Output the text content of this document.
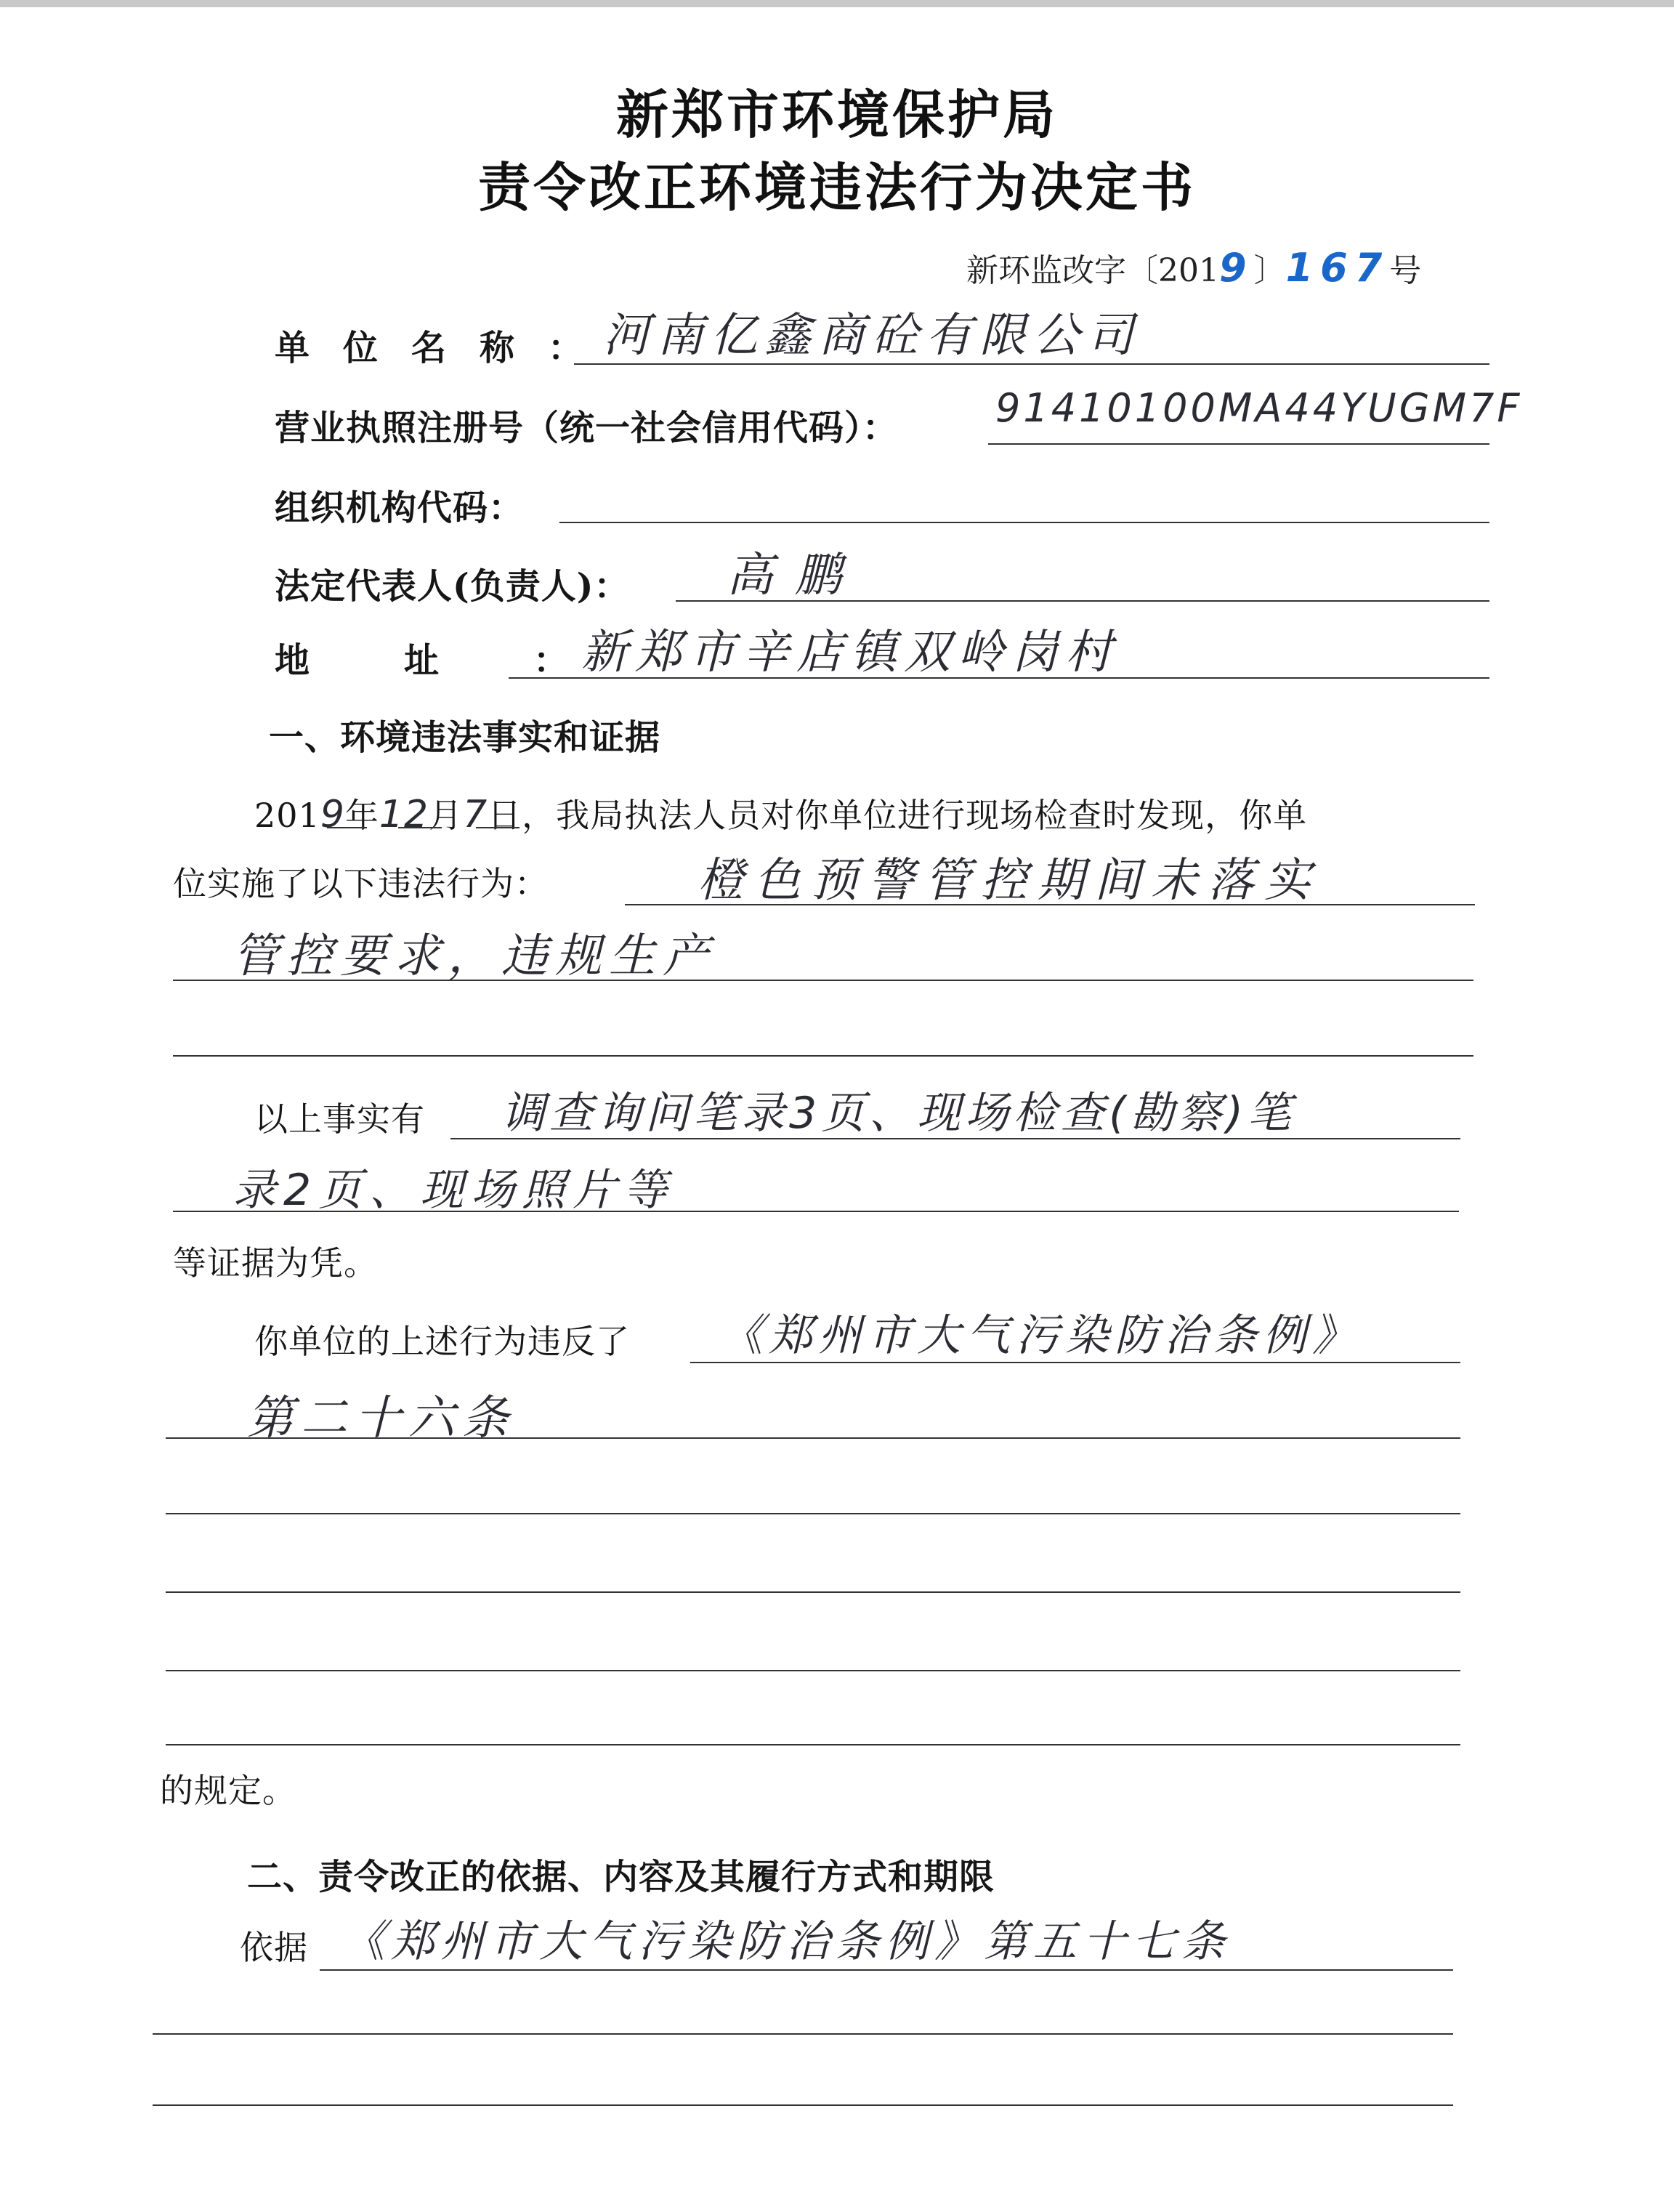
新郑市环境保护局
责令改正环境违法行为决定书
新环监改字〔2019〕167号
单位名称：
河南亿鑫商砼有限公司
营业执照注册号（统一社会信用代码）： 91410100MA44YUGM7F
组织机构代码：
法定代表人(负责人)： 高鹏
地址：
新郑市辛店镇双岭岗村
一、环境违法事实和证据
2019年12月7日，我局执法人员对你单位进行现场检查时发现，你单
位实施了以下违法行为：	橙色预警管控期间未落实
管控要求，违规生产
以上事实有 调查询问笔录3页、现场检查(勘察)笔
录2页、现场照片等
等证据为凭。
你单位的上述行为违反了 《郑州市大气污染防治条例》
第二十六条
的规定。
二、责令改正的依据、内容及其履行方式和期限
依据 《郑州市大气污染防治条例》第五十七条
